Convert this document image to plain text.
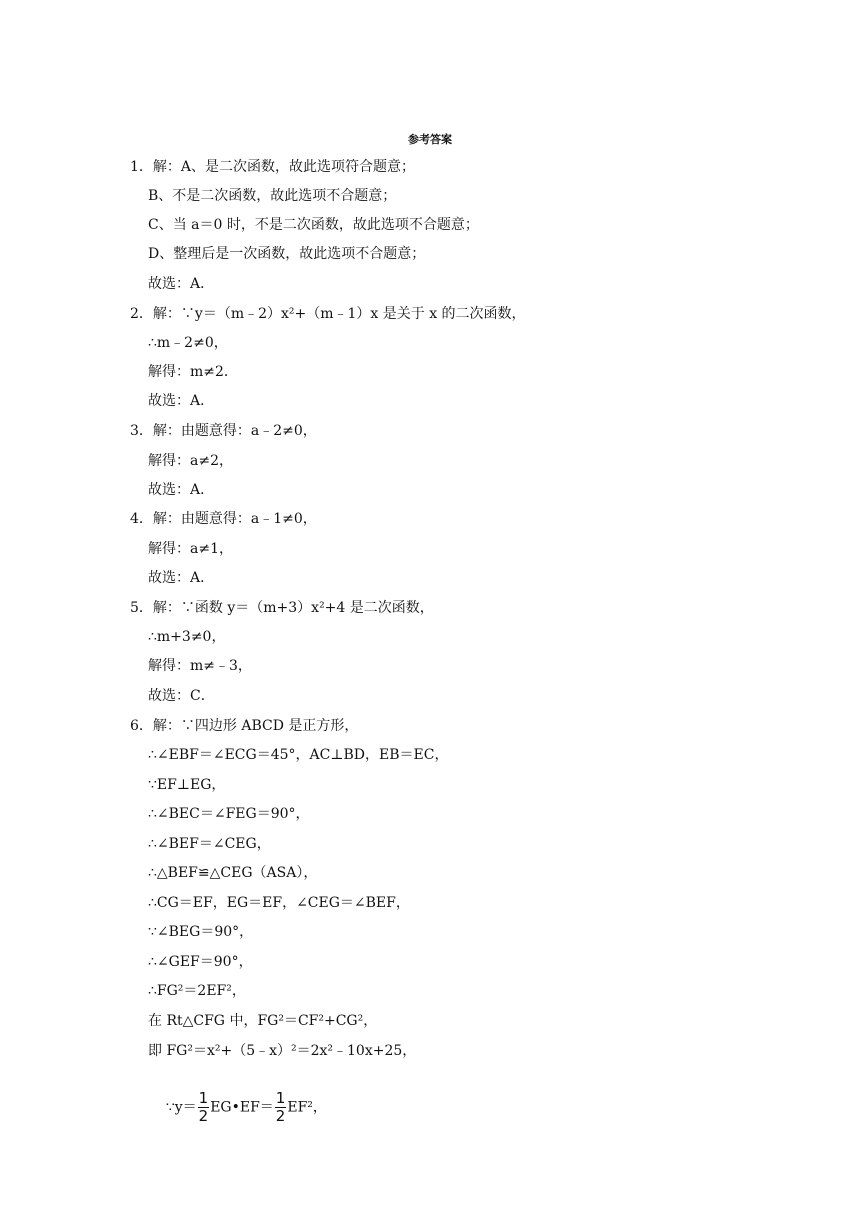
参考答案
1．解：A、是二次函数，故此选项符合题意；
B、不是二次函数，故此选项不合题意；
C、当 a＝0 时，不是二次函数，故此选项不合题意；
D、整理后是一次函数，故此选项不合题意；
故选：A．
2．解：∵y＝（m﹣2）x²+（m﹣1）x 是关于 x 的二次函数，
∴m﹣2≠0，
解得：m≠2．
故选：A．
3．解：由题意得：a﹣2≠0，
解得：a≠2，
故选：A．
4．解：由题意得：a﹣1≠0，
解得：a≠1，
故选：A．
5．解：∵函数 y＝（m+3）x²+4 是二次函数，
∴m+3≠0，
解得：m≠﹣3，
故选：C．
6．解：∵四边形 ABCD 是正方形，
∴∠EBF＝∠ECG＝45°，AC⊥BD，EB＝EC，
∵EF⊥EG，
∴∠BEC＝∠FEG＝90°，
∴∠BEF＝∠CEG，
∴△BEF≌△CEG（ASA），
∴CG＝EF，EG＝EF，∠CEG＝∠BEF，
∵∠BEG＝90°，
∴∠GEF＝90°，
∴FG²＝2EF²，
在 Rt△CFG 中，FG²＝CF²+CG²，
即 FG²＝x²+（5﹣x）²＝2x²﹣10x+25，

∵y＝ $\frac{1}{2}$ EG•EF＝ $\frac{1}{2} EF^2$，
